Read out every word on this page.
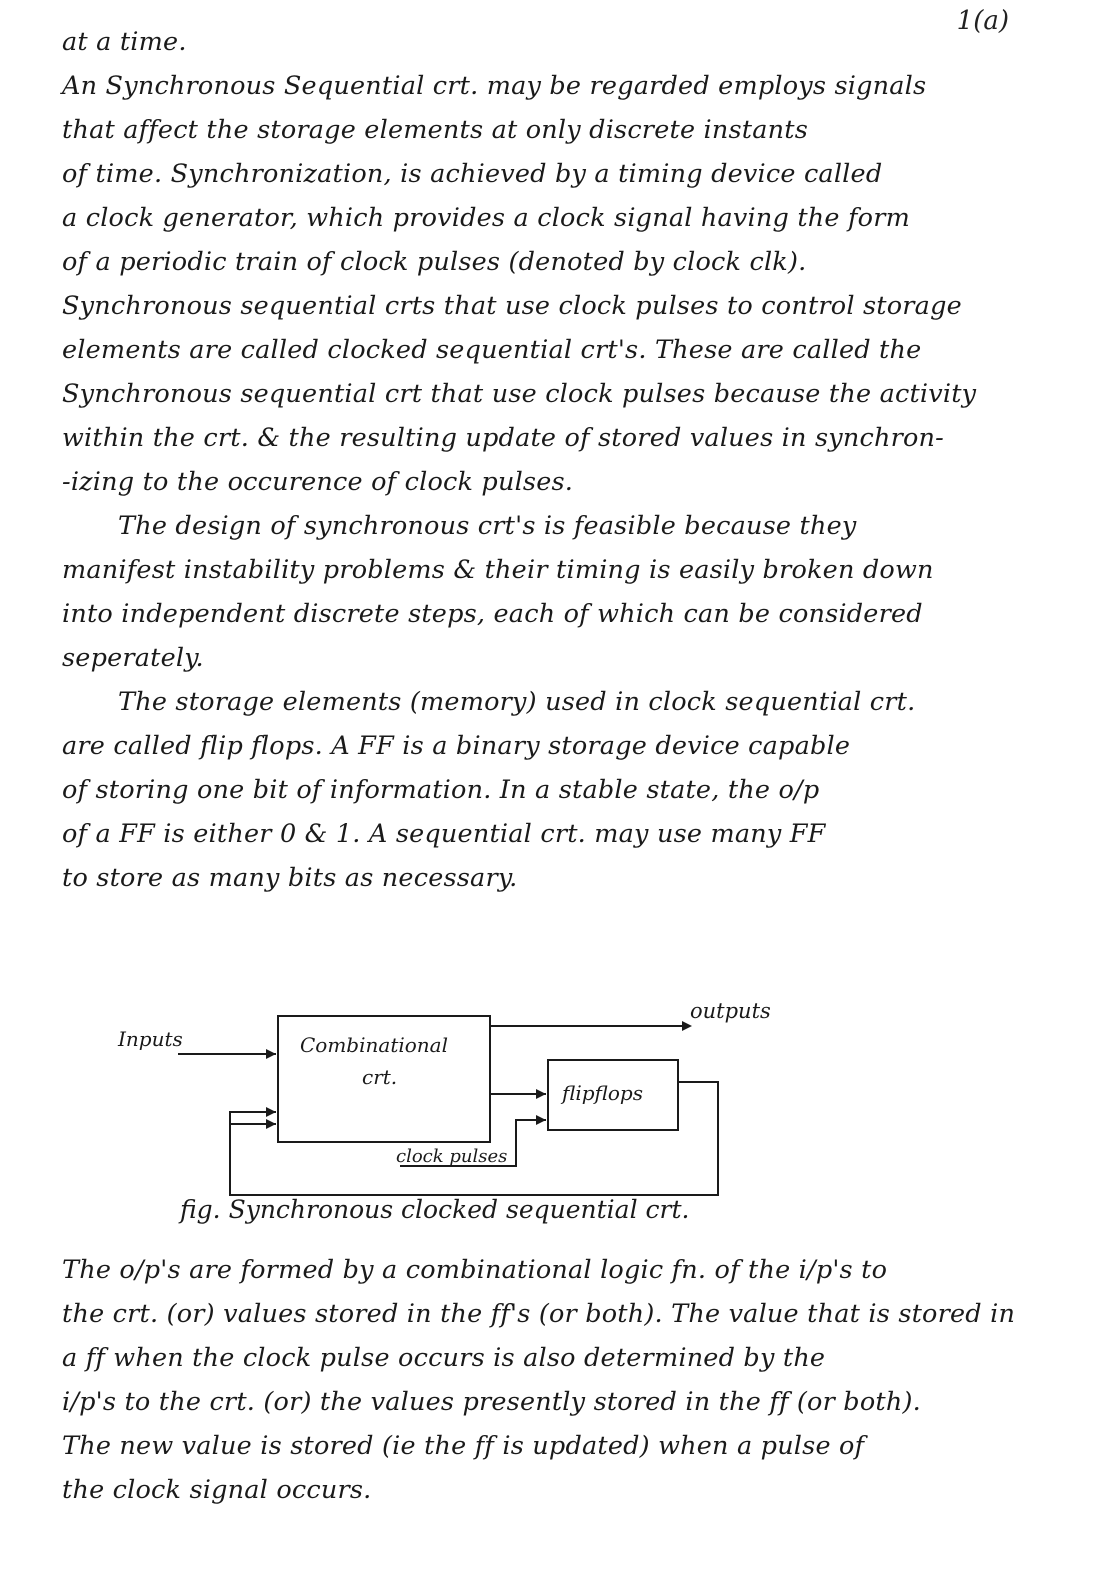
1(a)
at a time.
An Synchronous Sequential crt. may be regarded employs signals
that affect the storage elements at only discrete instants
of time. Synchronization, is achieved by a timing device called
a clock generator, which provides a clock signal having the form
of a periodic train of clock pulses (denoted by clock clk).
Synchronous sequential crts that use clock pulses to control storage
elements are called clocked sequential crt's. These are called the
Synchronous sequential crt that use clock pulses because the activity
within the crt. & the resulting update of stored values in synchron-
-izing to the occurence of clock pulses.
The design of synchronous crt's is feasible because they
manifest instability problems & their timing is easily broken down
into independent discrete steps, each of which can be considered
seperately.
The storage elements (memory) used in clock sequential crt.
are called flip flops. A FF is a binary storage device capable
of storing one bit of information. In a stable state, the o/p
of a FF is either 0 & 1. A sequential crt. may use many FF
to store as many bits as necessary.
Inputs
outputs
Combinational
crt.
flipflops
clock pulses
fig. Synchronous clocked sequential crt.
The o/p's are formed by a combinational logic fn. of the i/p's to
the crt. (or) values stored in the ff's (or both). The value that is stored in
a ff when the clock pulse occurs is also determined by the
i/p's to the crt. (or) the values presently stored in the ff (or both).
The new value is stored (ie the ff is updated) when a pulse of
the clock signal occurs.
